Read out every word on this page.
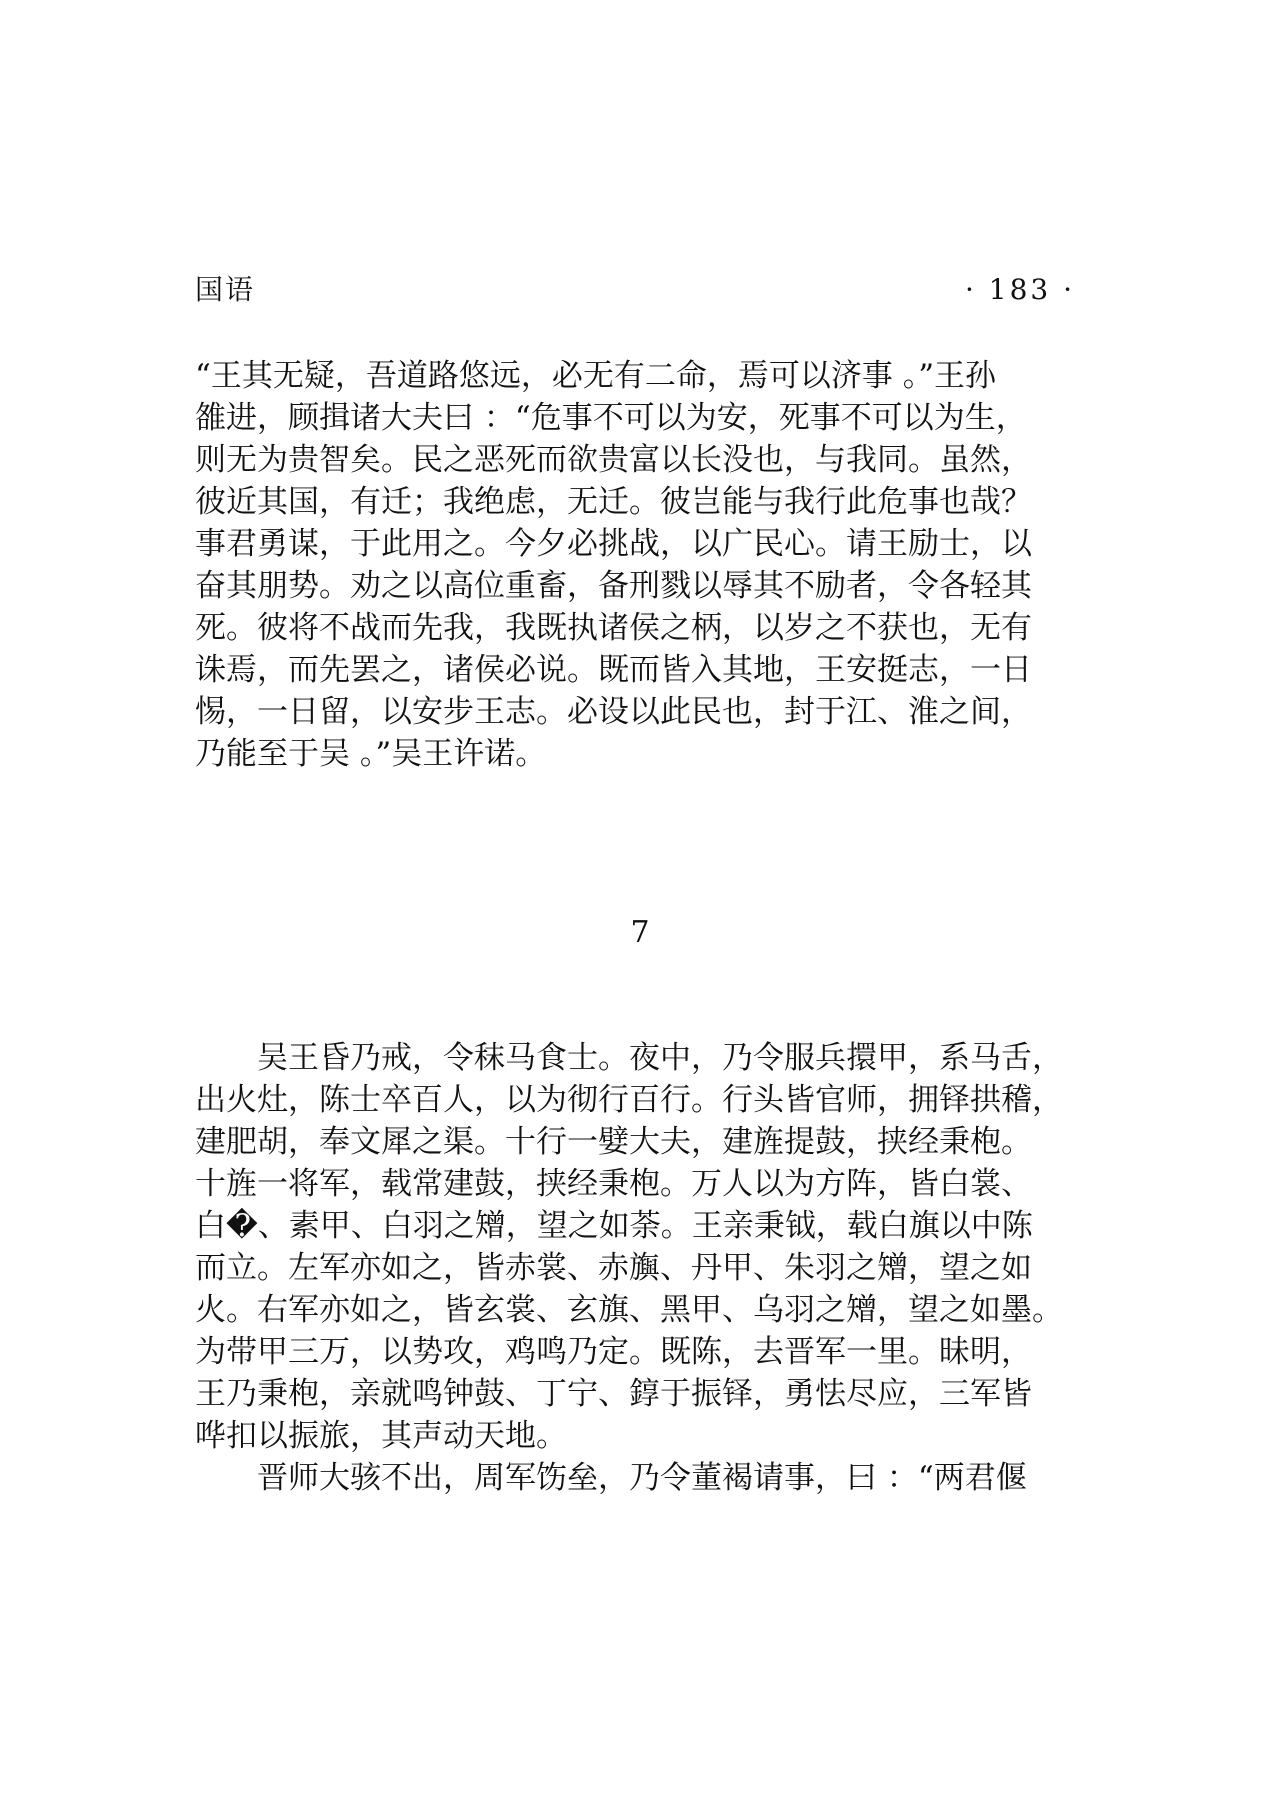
国语	· 183 ·
“王其无疑，吾道路悠远，必无有二命，焉可以济事 。”王孙
雒进，顾揖诸大夫曰 ：“危事不可以为安，死事不可以为生，
则无为贵智矣。民之恶死而欲贵富以长没也，与我同。虽然，
彼近其国，有迁；我绝虑，无迁。彼岂能与我行此危事也哉？
事君勇谋，于此用之。今夕必挑战，以广民心。请王励士，以
奋其朋势。劝之以高位重畜，备刑戮以辱其不励者，令各轻其
死。彼将不战而先我，我既执诸侯之柄，以岁之不获也，无有
诛焉，而先罢之，诸侯必说。既而皆入其地，王安挺志，一日
惕，一日留，以安步王志。必设以此民也，封于江、淮之间，
乃能至于吴 。”吴王许诺。
7
　　吴王昏乃戒，令秣马食士。夜中，乃令服兵擐甲，系马舌，
出火灶，陈士卒百人，以为彻行百行。行头皆官师，拥铎拱稽，
建肥胡，奉文犀之渠。十行一嬖大夫，建旌提鼓，挟经秉枹。
十旌一将军，载常建鼓，挟经秉枹。万人以为方阵，皆白裳、
白�、素甲、白羽之矰，望之如荼。王亲秉钺，载白旗以中陈
而立。左军亦如之，皆赤裳、赤旟、丹甲、朱羽之矰，望之如
火。右军亦如之，皆玄裳、玄旗、黑甲、乌羽之矰，望之如墨。
为带甲三万，以势攻，鸡鸣乃定。既陈，去晋军一里。昧明，
王乃秉枹，亲就鸣钟鼓、丁宁、錞于振铎，勇怯尽应，三军皆
哗扣以振旅，其声动天地。
　　晋师大骇不出，周军饬垒，乃令董褐请事，曰 ：“两君偃
